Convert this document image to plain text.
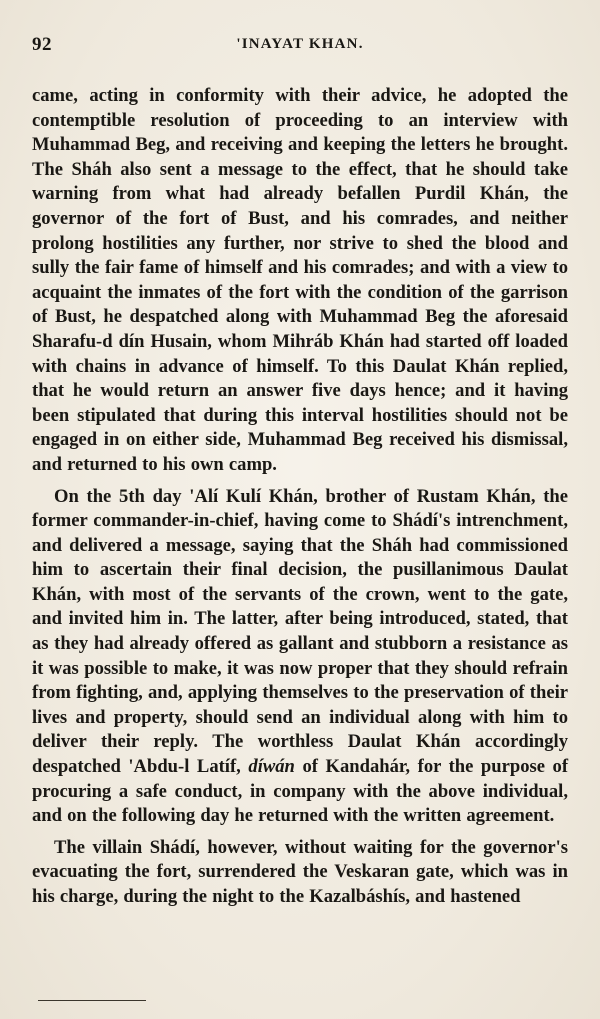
92	'INAYAT KHAN.

came, acting in conformity with their advice, he adopted the contemptible resolution of proceeding to an interview with Muhammad Beg, and receiving and keeping the letters he brought. The Sháh also sent a message to the effect, that he should take warning from what had already befallen Purdil Khán, the governor of the fort of Bust, and his comrades, and neither prolong hostilities any further, nor strive to shed the blood and sully the fair fame of himself and his comrades; and with a view to acquaint the inmates of the fort with the condition of the garrison of Bust, he despatched along with Muhammad Beg the aforesaid Sharafu-d dín Husain, whom Mihráb Khán had started off loaded with chains in advance of himself. To this Daulat Khán replied, that he would return an answer five days hence; and it having been stipulated that during this interval hostilities should not be engaged in on either side, Muhammad Beg received his dismissal, and returned to his own camp.

On the 5th day 'Alí Kulí Khán, brother of Rustam Khán, the former commander-in-chief, having come to Shádí's intrenchment, and delivered a message, saying that the Sháh had commissioned him to ascertain their final decision, the pusillanimous Daulat Khán, with most of the servants of the crown, went to the gate, and invited him in. The latter, after being introduced, stated, that as they had already offered as gallant and stubborn a resistance as it was possible to make, it was now proper that they should refrain from fighting, and, applying themselves to the preservation of their lives and property, should send an individual along with him to deliver their reply. The worthless Daulat Khán accordingly despatched 'Abdu-l Latíf, díwán of Kandahár, for the purpose of procuring a safe conduct, in company with the above individual, and on the following day he returned with the written agreement.

The villain Shádí, however, without waiting for the governor's evacuating the fort, surrendered the Veskaran gate, which was in his charge, during the night to the Kazalbáshís, and hastened
